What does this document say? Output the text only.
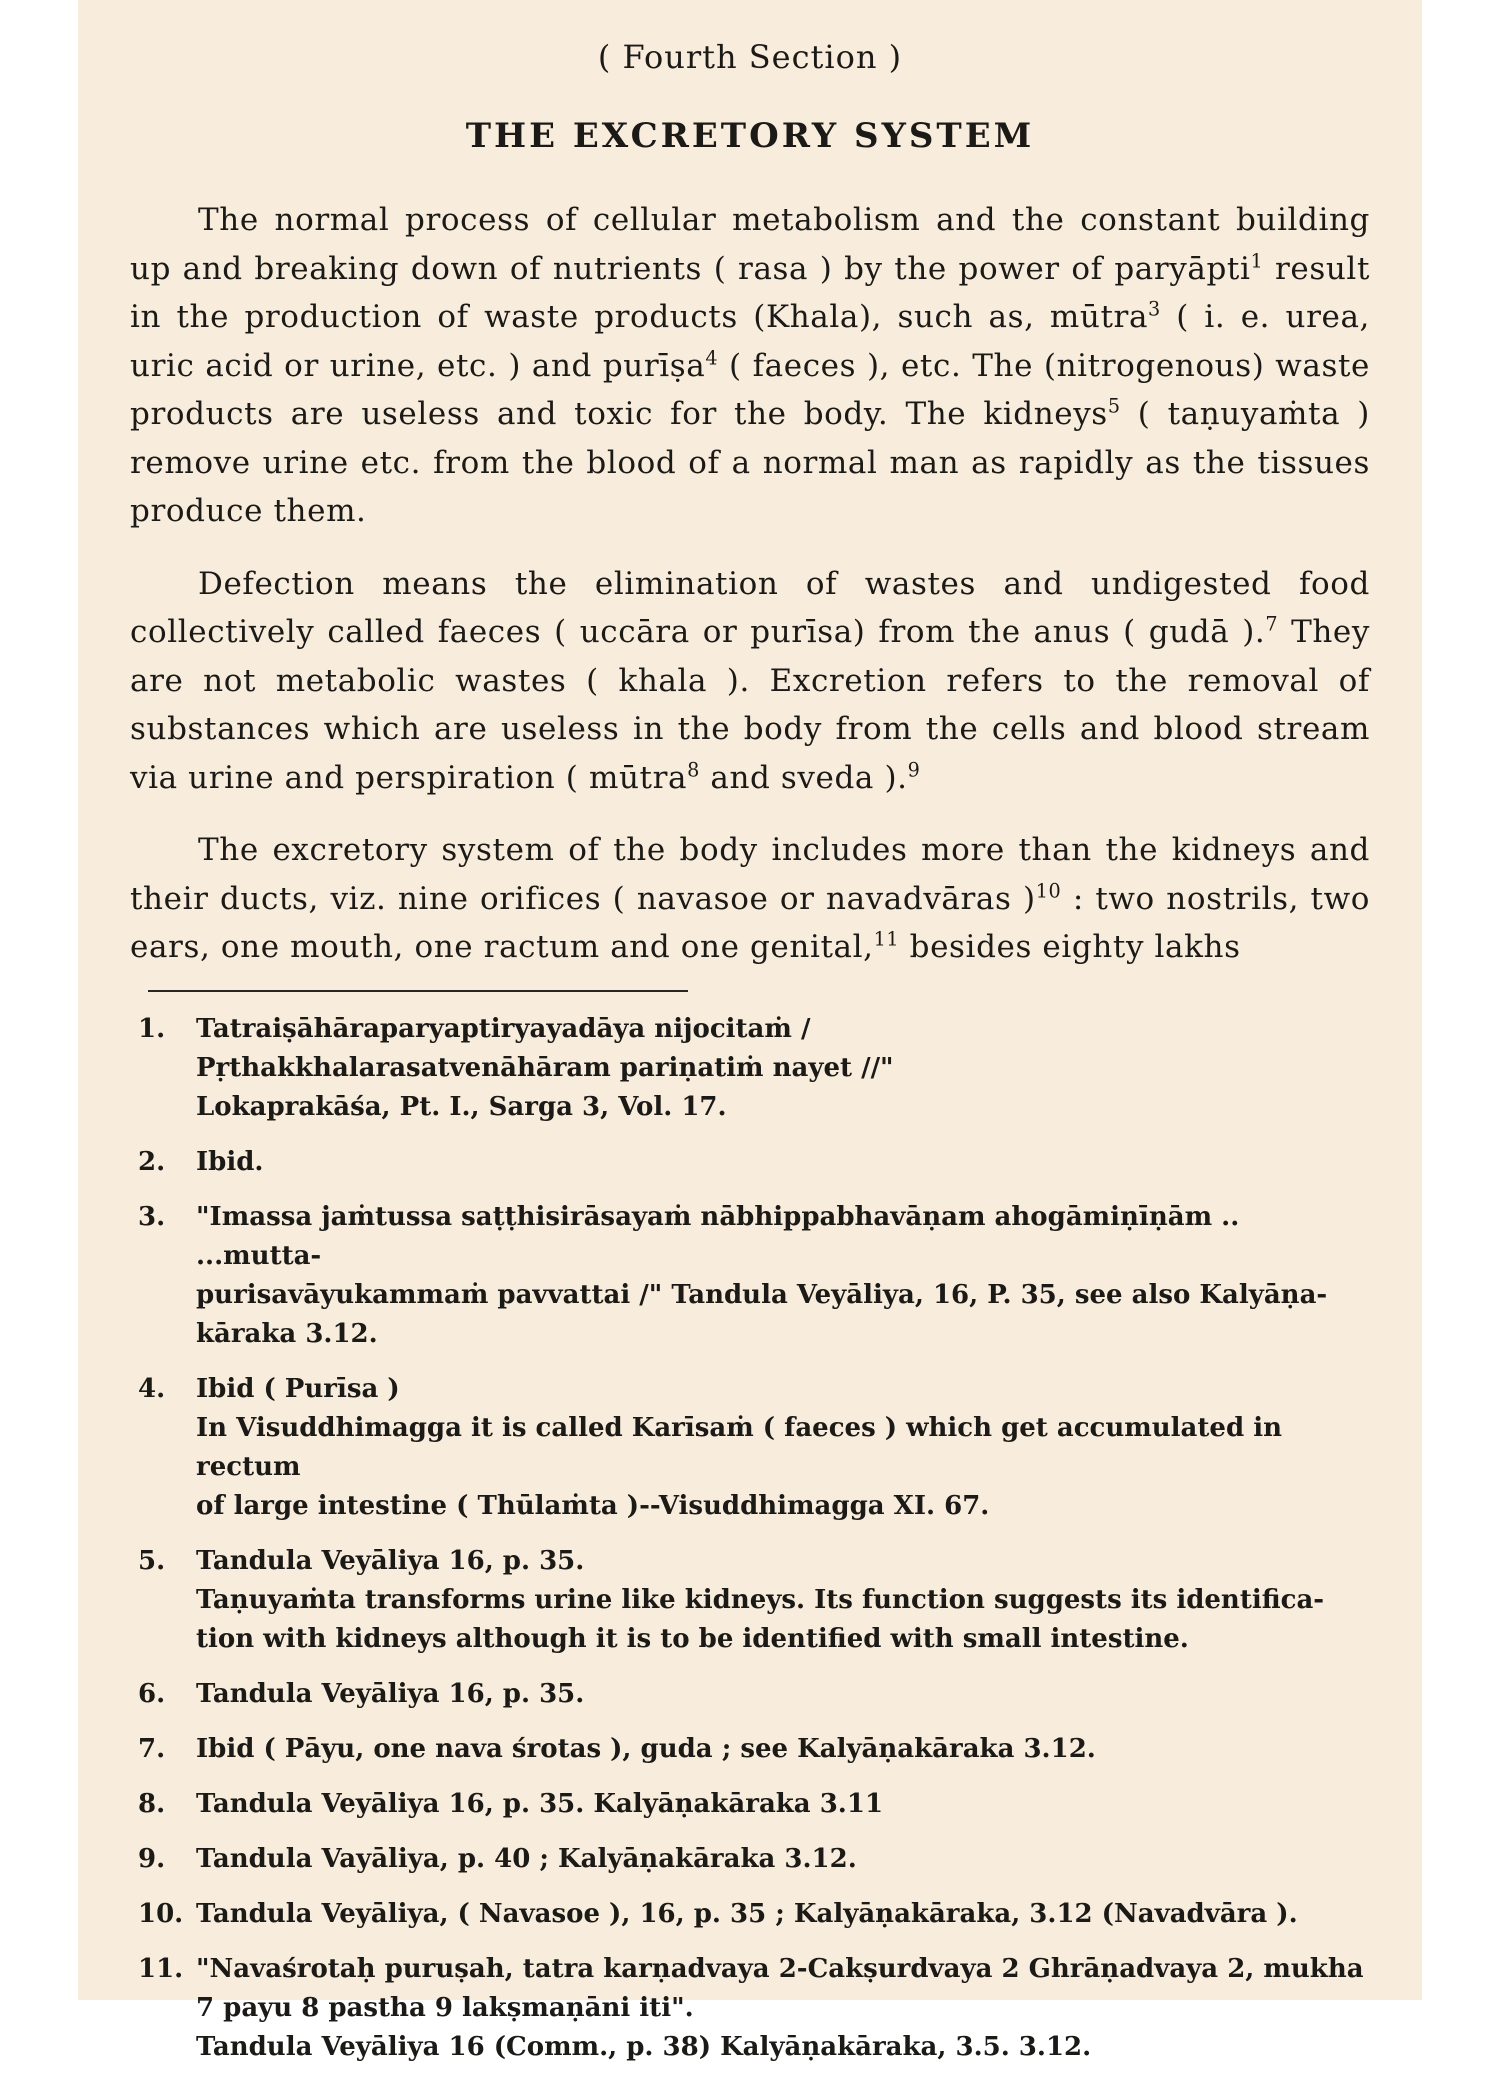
( Fourth Section )
THE EXCRETORY SYSTEM

The normal process of cellular metabolism and the constant building up and breaking down of nutrients ( rasa ) by the power of paryāpti$^1$ result in the production of waste products (Khala), such as, mūtra$^3$ ( i. e. urea, uric acid or urine, etc. ) and purīṣa$^4$ ( faeces ), etc. The (nitrogenous) waste products are useless and toxic for the body. The kidneys$^5$ ( taṇuyaṁta ) remove urine etc. from the blood of a normal man as rapidly as the tissues produce them.

Defection means the elimination of wastes and undigested food collectively called faeces ( uccāra or purīsa) from the anus ( gudā ).$^7$ They are not metabolic wastes ( khala ). Excretion refers to the removal of substances which are useless in the body from the cells and blood stream via urine and perspiration ( mūtra$^8$ and sveda ).$^9$

The excretory system of the body includes more than the kidneys and their ducts, viz. nine orifices ( navasoe or navadvāras )$^{10}$ : two nostrils, two ears, one mouth, one ractum and one genital,$^{11}$ besides eighty lakhs

1.	Tatraiṣāhāraparyaptiryayadāya nijocitaṁ /
Pṛthakkhalarasatvenāhāram pariṇatiṁ nayet //"
Lokaprakāśa, Pt. I., Sarga 3, Vol. 17.
2.	Ibid.
3.	"Imassa jaṁtussa saṭṭhisirāsayaṁ nābhippabhavāṇam ahogāmiṇīṇām .. ...mutta-
purisavāyukammaṁ pavvattai /" Tandula Veyāliya, 16, P. 35, see also Kalyāṇa-
kāraka 3.12.
4.	Ibid ( Purīsa )
In Visuddhimagga it is called Karīsaṁ ( faeces ) which get accumulated in rectum
of large intestine ( Thūlaṁta )--Visuddhimagga XI. 67.
5.	Tandula Veyāliya 16, p. 35.
Taṇuyaṁta transforms urine like kidneys. Its function suggests its identifica-
tion with kidneys although it is to be identified with small intestine.
6.	Tandula Veyāliya 16, p. 35.
7.	Ibid ( Pāyu, one nava śrotas ), guda ; see Kalyāṇakāraka 3.12.
8.	Tandula Veyāliya 16, p. 35. Kalyāṇakāraka 3.11
9.	Tandula Vayāliya, p. 40 ; Kalyāṇakāraka 3.12.
10. Tandula Veyāliya, ( Navasoe ), 16, p. 35 ; Kalyāṇakāraka, 3.12 (Navadvāra ).
11. "Navaśrotaḥ puruṣah, tatra karṇadvaya 2-Cakṣurdvaya 2 Ghrāṇadvaya 2, mukha
7 payu 8 pastha 9 lakṣmaṇāni iti".
Tandula Veyāliya 16 (Comm., p. 38) Kalyāṇakāraka, 3.5. 3.12.
